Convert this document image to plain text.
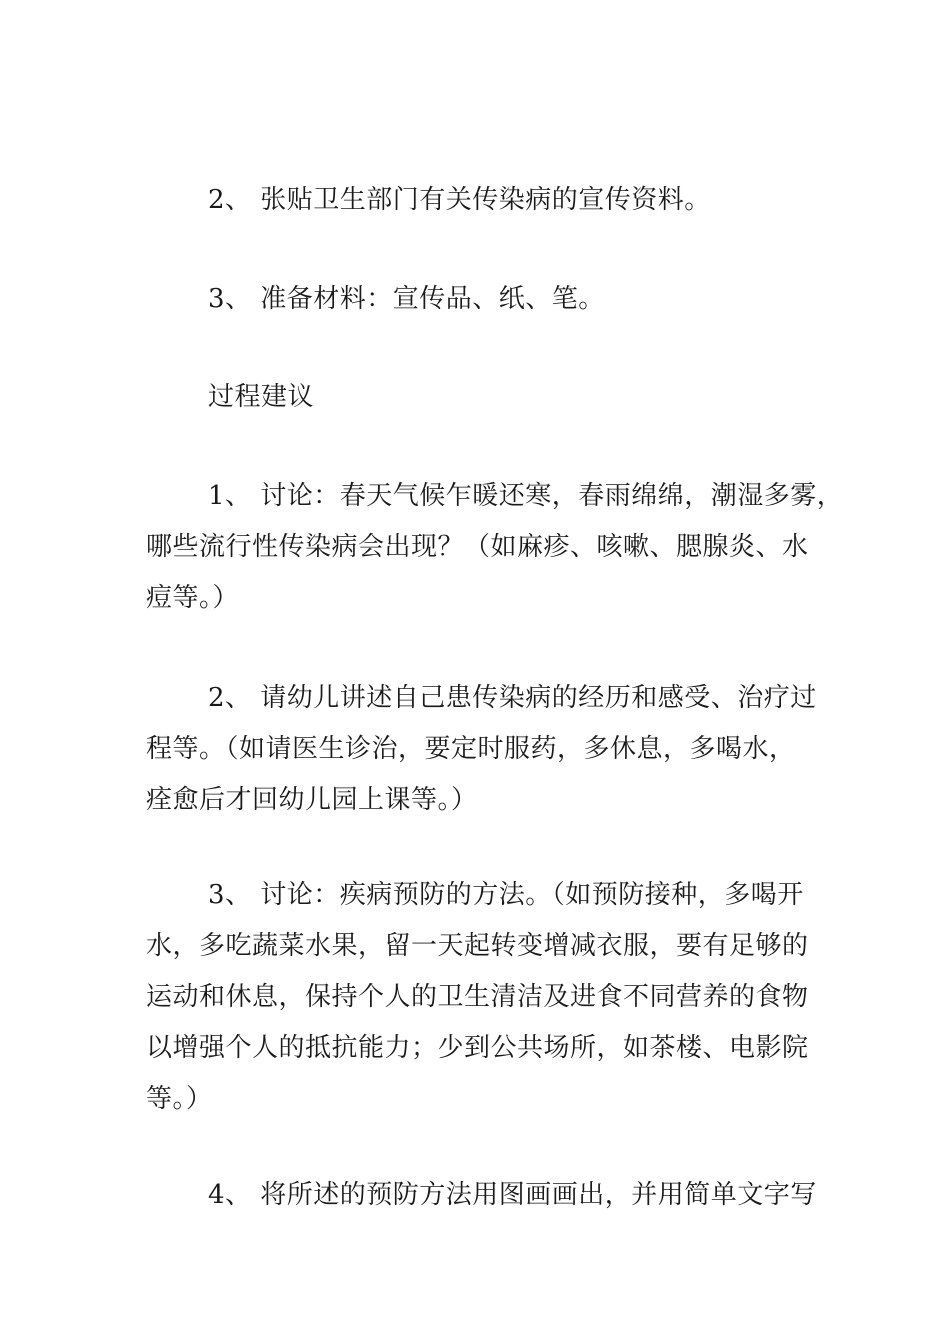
2、 张贴卫生部门有关传染病的宣传资料。
3、 准备材料：宣传品、纸、笔。
过程建议
1、 讨论：春天气候乍暖还寒，春雨绵绵，潮湿多雾，
哪些流行性传染病会出现？（如麻疹、咳嗽、腮腺炎、水
痘等。）
2、 请幼儿讲述自己患传染病的经历和感受、治疗过
程等。（如请医生诊治，要定时服药，多休息，多喝水，
痊愈后才回幼儿园上课等。）
3、 讨论：疾病预防的方法。（如预防接种，多喝开
水，多吃蔬菜水果，留一天起转变增减衣服，要有足够的
运动和休息，保持个人的卫生清洁及进食不同营养的食物
以增强个人的抵抗能力；少到公共场所，如茶楼、电影院
等。）
4、 将所述的预防方法用图画画出，并用简单文字写
